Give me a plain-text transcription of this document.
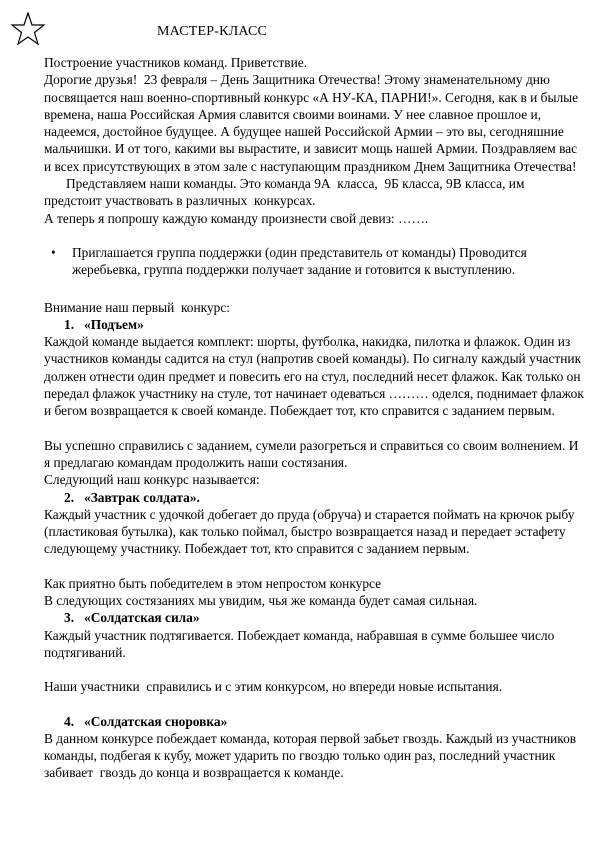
МАСТЕР-КЛАСС

Построение участников команд. Приветствие.

Дорогие друзья!  23 февраля – День Защитника Отечества! Этому знаменательному дню посвящается наш военно-спортивный конкурс «А НУ-КА, ПАРНИ!». Сегодня, как в и былые времена, наша Российская Армия славится своими воинами. У нее славное прошлое и, надеемся, достойное будущее. А будущее нашей Российской Армии – это вы, сегодняшние мальчишки. И от того, какими вы вырастите, и зависит мощь нашей Армии. Поздравляем вас и всех присутствующих в этом зале с наступающим праздником Днем Защитника Отечества!

Представляем наши команды. Это команда 9А  класса,  9Б класса, 9В класса, им предстоит участвовать в различных  конкурсах.

А теперь я попрошу каждую команду произнести свой девиз: …….

• Приглашается группа поддержки (один представитель от команды) Проводится жеребьевка, группа поддержки получает задание и готовится к выступлению.

Внимание наш первый  конкурс:

1. «Подъем»

Каждой команде выдается комплект: шорты, футболка, накидка, пилотка и флажок. Один из участников команды садится на стул (напротив своей команды). По сигналу каждый участник должен отнести один предмет и повесить его на стул, последний несет флажок. Как только он передал флажок участнику на стуле, тот начинает одеваться ……… оделся, поднимает флажок и бегом возвращается к своей команде. Побеждает тот, кто справится с заданием первым.

Вы успешно справились с заданием, сумели разогреться и справиться со своим волнением. И я предлагаю командам продолжить наши состязания.

Следующий наш конкурс называется:

2. «Завтрак солдата».

Каждый участник с удочкой добегает до пруда (обруча) и старается поймать на крючок рыбу (пластиковая бутылка), как только поймал, быстро возвращается назад и передает эстафету следующему участнику. Побеждает тот, кто справится с заданием первым.

Как приятно быть победителем в этом непростом конкурсе

В следующих состязаниях мы увидим, чья же команда будет самая сильная.

3. «Солдатская сила»

Каждый участник подтягивается. Побеждает команда, набравшая в сумме большее число подтягиваний.

Наши участники  справились и с этим конкурсом, но впереди новые испытания.

4. «Солдатская сноровка»

В данном конкурсе побеждает команда, которая первой забьет гвоздь. Каждый из участников команды, подбегая к кубу, может ударить по гвоздю только один раз, последний участник забивает  гвоздь до конца и возвращается к команде.
